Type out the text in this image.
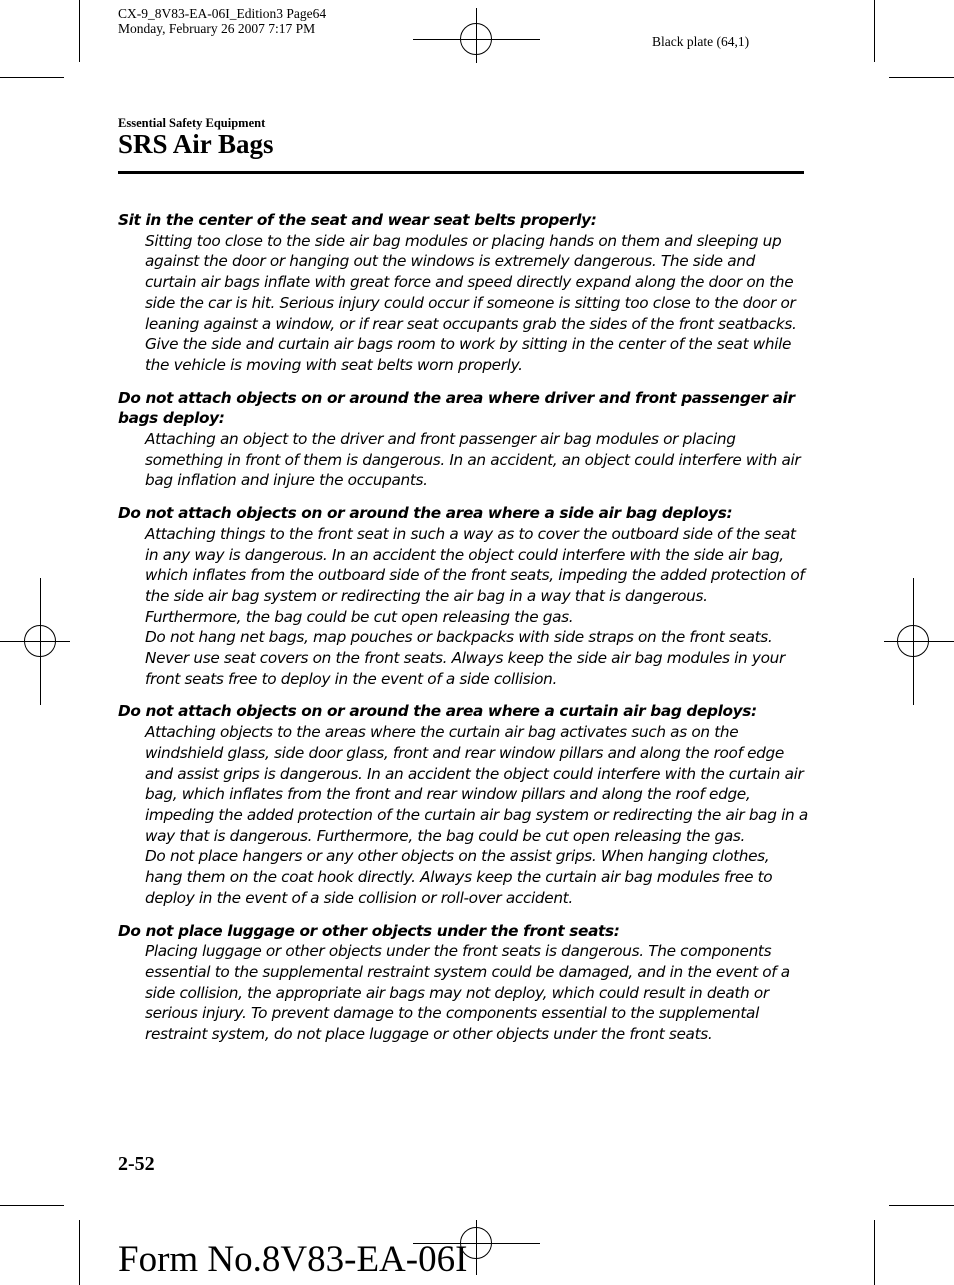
CX-9_8V83-EA-06I_Edition3 Page64
Monday, February 26 2007 7:17 PM
Black plate (64,1)
Essential Safety Equipment
SRS Air Bags
Sit in the center of the seat and wear seat belts properly:

Sitting too close to the side air bag modules or placing hands on them and sleeping up against the door or hanging out the windows is extremely dangerous. The side and curtain air bags inflate with great force and speed directly expand along the door on the side the car is hit. Serious injury could occur if someone is sitting too close to the door or leaning against a window, or if rear seat occupants grab the sides of the front seatbacks. Give the side and curtain air bags room to work by sitting in the center of the seat while the vehicle is moving with seat belts worn properly.

Do not attach objects on or around the area where driver and front passenger air bags deploy:

Attaching an object to the driver and front passenger air bag modules or placing something in front of them is dangerous. In an accident, an object could interfere with air bag inflation and injure the occupants.

Do not attach objects on or around the area where a side air bag deploys:

Attaching things to the front seat in such a way as to cover the outboard side of the seat in any way is dangerous. In an accident the object could interfere with the side air bag, which inflates from the outboard side of the front seats, impeding the added protection of the side air bag system or redirecting the air bag in a way that is dangerous. Furthermore, the bag could be cut open releasing the gas.

Do not hang net bags, map pouches or backpacks with side straps on the front seats. Never use seat covers on the front seats. Always keep the side air bag modules in your front seats free to deploy in the event of a side collision.

Do not attach objects on or around the area where a curtain air bag deploys:

Attaching objects to the areas where the curtain air bag activates such as on the windshield glass, side door glass, front and rear window pillars and along the roof edge and assist grips is dangerous. In an accident the object could interfere with the curtain air bag, which inflates from the front and rear window pillars and along the roof edge, impeding the added protection of the curtain air bag system or redirecting the air bag in a way that is dangerous. Furthermore, the bag could be cut open releasing the gas.

Do not place hangers or any other objects on the assist grips. When hanging clothes, hang them on the coat hook directly. Always keep the curtain air bag modules free to deploy in the event of a side collision or roll-over accident.

Do not place luggage or other objects under the front seats:

Placing luggage or other objects under the front seats is dangerous. The components essential to the supplemental restraint system could be damaged, and in the event of a side collision, the appropriate air bags may not deploy, which could result in death or serious injury. To prevent damage to the components essential to the supplemental restraint system, do not place luggage or other objects under the front seats.

2-52
Form No.8V83-EA-06I
